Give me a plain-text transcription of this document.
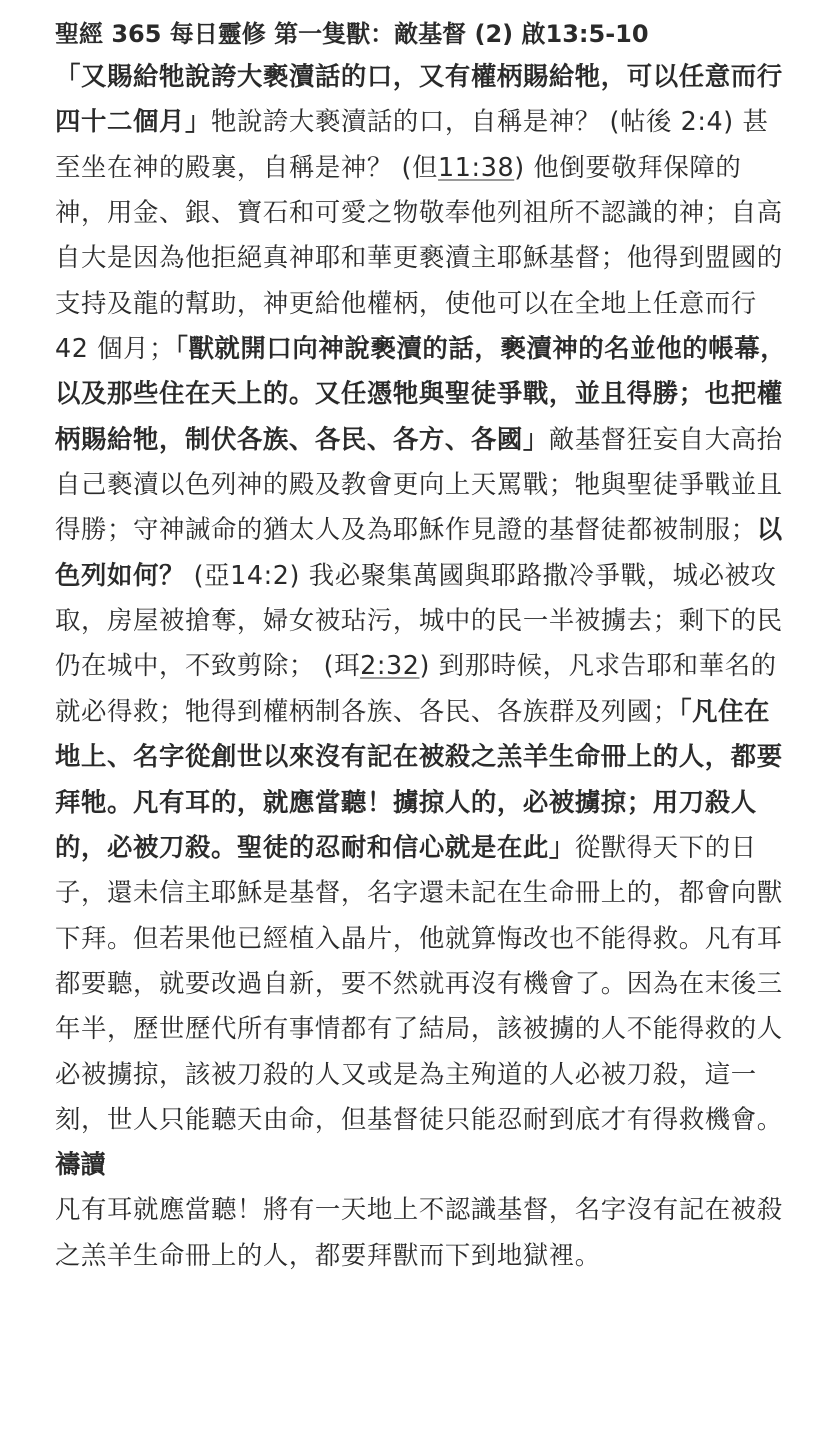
聖經 365 每日靈修 第一隻獸：敵基督 (2) 啟13:5-10

「又賜給牠說誇大褻瀆話的口，又有權柄賜給牠，可以任意而行四十二個月」牠說誇大褻瀆話的口，自稱是神？ (帖後 2:4) 甚至坐在神的殿裏，自稱是神？ (但11:38) 他倒要敬拜保障的神，用金、銀、寶石和可愛之物敬奉他列祖所不認識的神；自高自大是因為他拒絕真神耶和華更褻瀆主耶穌基督；他得到盟國的支持及龍的幫助，神更給他權柄，使他可以在全地上任意而行 42 個月；「獸就開口向神說褻瀆的話，褻瀆神的名並他的帳幕，以及那些住在天上的。又任憑牠與聖徒爭戰，並且得勝；也把權柄賜給牠，制伏各族、各民、各方、各國」敵基督狂妄自大高抬自己褻瀆以色列神的殿及教會更向上天罵戰；牠與聖徒爭戰並且得勝；守神誡命的猶太人及為耶穌作見證的基督徒都被制服；以色列如何？ (亞14:2) 我必聚集萬國與耶路撒冷爭戰，城必被攻取，房屋被搶奪，婦女被玷污，城中的民一半被擄去；剩下的民仍在城中，不致剪除； (珥2:32) 到那時候，凡求告耶和華名的就必得救；牠得到權柄制各族、各民、各族群及列國；「凡住在地上、名字從創世以來沒有記在被殺之羔羊生命冊上的人，都要拜牠。凡有耳的，就應當聽！擄掠人的，必被擄掠；用刀殺人的，必被刀殺。聖徒的忍耐和信心就是在此」從獸得天下的日子，還未信主耶穌是基督，名字還未記在生命冊上的，都會向獸下拜。但若果他已經植入晶片，他就算悔改也不能得救。凡有耳都要聽，就要改過自新，要不然就再沒有機會了。因為在末後三年半，歷世歷代所有事情都有了結局，該被擄的人不能得救的人必被擄掠，該被刀殺的人又或是為主殉道的人必被刀殺，這一刻，世人只能聽天由命，但基督徒只能忍耐到底才有得救機會。

禱讀

凡有耳就應當聽！將有一天地上不認識基督，名字沒有記在被殺之羔羊生命冊上的人，都要拜獸而下到地獄裡。
